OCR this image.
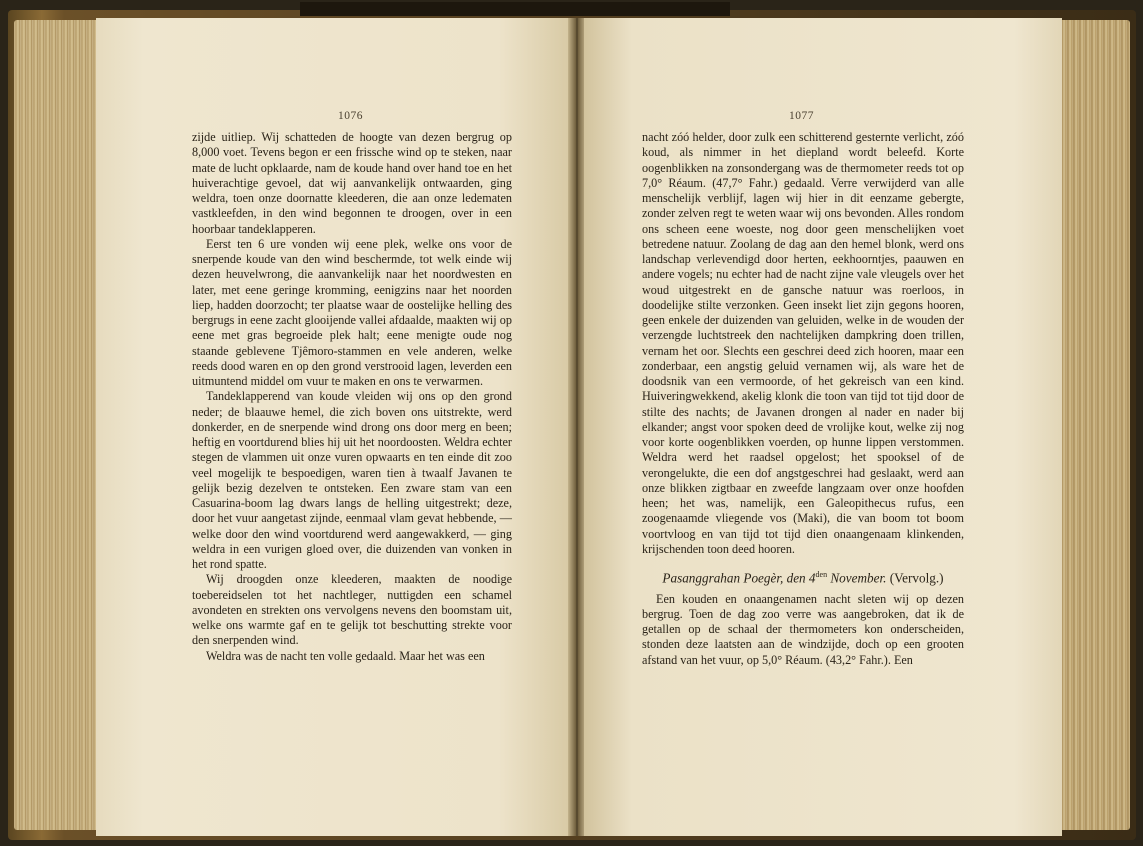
1076

zijde uitliep. Wij schatteden de hoogte van dezen bergrug op 8,000 voet. Tevens begon er een frissche wind op te steken, naar mate de lucht opklaarde, nam de koude hand over hand toe en het huiverachtige gevoel, dat wij aanvankelijk ontwaarden, ging weldra, toen onze doornatte kleederen, die aan onze ledematen vastkleefden, in den wind begonnen te droogen, over in een hoorbaar tandeklapperen.

Eerst ten 6 ure vonden wij eene plek, welke ons voor de snerpende koude van den wind beschermde, tot welk einde wij dezen heuvelwrong, die aanvankelijk naar het noordwesten en later, met eene geringe kromming, eenigzins naar het noorden liep, hadden doorzocht; ter plaatse waar de oostelijke helling des bergrugs in eene zacht glooijende vallei afdaalde, maakten wij op eene met gras begroeide plek halt; eene menigte oude nog staande geblevene Tjêmoro-stammen en vele anderen, welke reeds dood waren en op den grond verstrooid lagen, leverden een uitmuntend middel om vuur te maken en ons te verwarmen.

Tandeklapperend van koude vleiden wij ons op den grond neder; de blaauwe hemel, die zich boven ons uitstrekte, werd donkerder, en de snerpende wind drong ons door merg en been; heftig en voortdurend blies hij uit het noordoosten. Weldra echter stegen de vlammen uit onze vuren opwaarts en ten einde dit zoo veel mogelijk te bespoedigen, waren tien à twaalf Javanen te gelijk bezig dezelven te ontsteken. Een zware stam van een Casuarina-boom lag dwars langs de helling uitgestrekt; deze, door het vuur aangetast zijnde, eenmaal vlam gevat hebbende, — welke door den wind voortdurend werd aangewakkerd, — ging weldra in een vurigen gloed over, die duizenden van vonken in het rond spatte.

Wij droogden onze kleederen, maakten de noodige toebereidselen tot het nachtleger, nuttigden een schamel avondeten en strekten ons vervolgens nevens den boomstam uit, welke ons warmte gaf en te gelijk tot beschutting strekte voor den snerpenden wind.

Weldra was de nacht ten volle gedaald. Maar het was een

1077

nacht zóó helder, door zulk een schitterend gesternte verlicht, zóó koud, als nimmer in het diepland wordt beleefd. Korte oogenblikken na zonsondergang was de thermometer reeds tot op 7,0° Réaum. (47,7° Fahr.) gedaald. Verre verwijderd van alle menschelijk verblijf, lagen wij hier in dit eenzame gebergte, zonder zelven regt te weten waar wij ons bevonden. Alles rondom ons scheen eene woeste, nog door geen menschelijken voet betredene natuur. Zoolang de dag aan den hemel blonk, werd ons landschap verlevendigd door herten, eekhoorntjes, paauwen en andere vogels; nu echter had de nacht zijne vale vleugels over het woud uitgestrekt en de gansche natuur was roerloos, in doodelijke stilte verzonken. Geen insekt liet zijn gegons hooren, geen enkele der duizenden van geluiden, welke in de wouden der verzengde luchtstreek den nachtelijken dampkring doen trillen, vernam het oor. Slechts een geschrei deed zich hooren, maar een zonderbaar, een angstig geluid vernamen wij, als ware het de doodsnik van een vermoorde, of het gekreisch van een kind. Huiveringwekkend, akelig klonk die toon van tijd tot tijd door de stilte des nachts; de Javanen drongen al nader en nader bij elkander; angst voor spoken deed de vrolijke kout, welke zij nog voor korte oogenblikken voerden, op hunne lippen verstommen. Weldra werd het raadsel opgelost; het spooksel of de verongelukte, die een dof angstgeschrei had geslaakt, werd aan onze blikken zigtbaar en zweefde langzaam over onze hoofden heen; het was, namelijk, een Galeopithecus rufus, een zoogenaamde vliegende vos (Maki), die van boom tot boom voortvloog en van tijd tot tijd dien onaangenaam klinkenden, krijschenden toon deed hooren.

Pasanggrahan Poegèr, den $4^{den}$ November. (Vervolg.)

Een kouden en onaangenamen nacht sleten wij op dezen bergrug. Toen de dag zoo verre was aangebroken, dat ik de getallen op de schaal der thermometers kon onderscheiden, stonden deze laatsten aan de windzijde, doch op een grooten afstand van het vuur, op 5,0° Réaum. (43,2° Fahr.). Een
